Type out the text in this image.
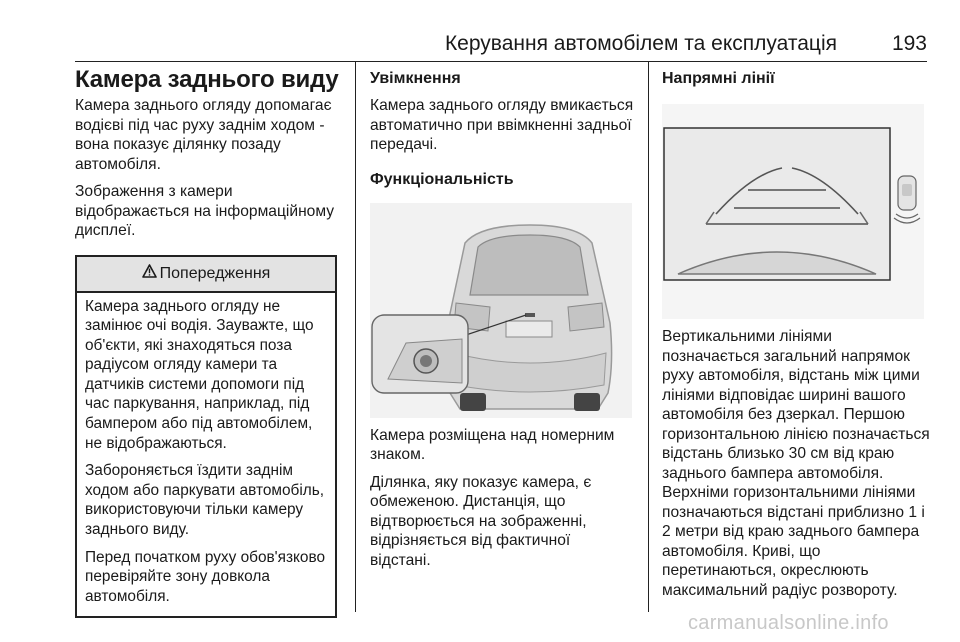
Керування автомобілем та експлуатація	193
Камера заднього виду

Камера заднього огляду допомагає водієві під час руху заднім ходом - вона показує ділянку позаду автомобіля.

Зображення з камери відображається на інформаційному дисплеї.

Попередження

Камера заднього огляду не замінює очі водія. Зауважте, що об'єкти, які знаходяться поза радіусом огляду камери та датчиків системи допомоги під час паркування, наприклад, під бампером або під автомобілем, не відображаються.

Забороняється їздити заднім ходом або паркувати автомобіль, використовуючи тільки камеру заднього виду.

Перед початком руху обов'язково перевіряйте зону довкола автомобіля.

Увімкнення

Камера заднього огляду вмикається автоматично при ввімкненні задньої передачі.

Функціональність

Камера розміщена над номерним знаком.

Ділянка, яку показує камера, є обмеженою. Дистанція, що відтворюється на зображенні, відрізняється від фактичної відстані.

Напрямні лінії

Вертикальними лініями позначається загальний напрямок руху автомобіля, відстань між цими лініями відповідає ширині вашого автомобіля без дзеркал. Першою горизонтальною лінією позначається відстань близько 30 см від краю заднього бампера автомобіля. Верхніми горизонтальними лініями позначаються відстані приблизно 1 і 2 метри від краю заднього бампера автомобіля. Криві, що перетинаються, окреслюють максимальний радіус розвороту.

carmanualsonline.info
